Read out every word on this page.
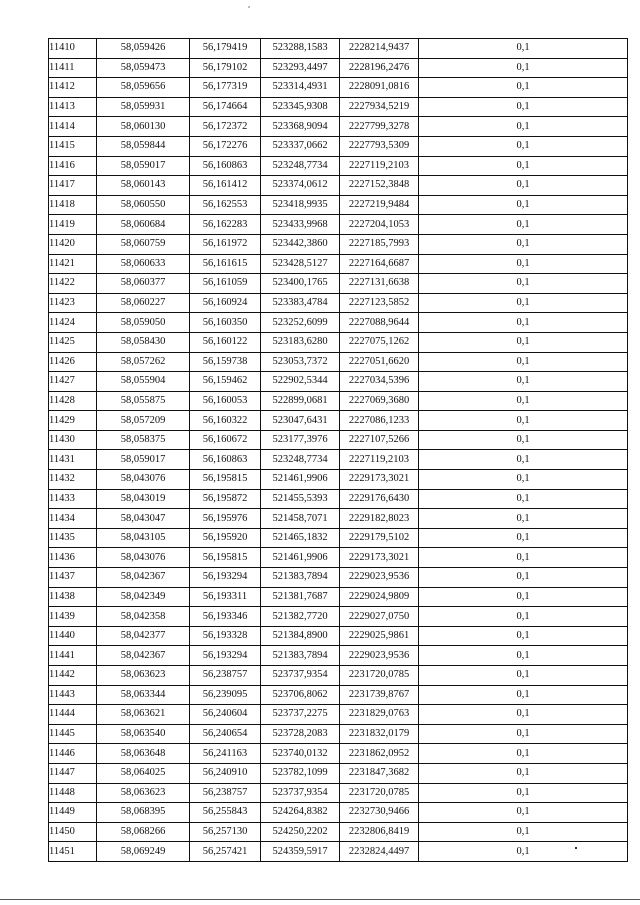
11410	58,059426	56,179419	523288,1583	2228214,9437	0,1
11411	58,059473	56,179102	523293,4497	2228196,2476	0,1
11412	58,059656	56,177319	523314,4931	2228091,0816	0,1
11413	58,059931	56,174664	523345,9308	2227934,5219	0,1
11414	58,060130	56,172372	523368,9094	2227799,3278	0,1
11415	58,059844	56,172276	523337,0662	2227793,5309	0,1
11416	58,059017	56,160863	523248,7734	2227119,2103	0,1
11417	58,060143	56,161412	523374,0612	2227152,3848	0,1
11418	58,060550	56,162553	523418,9935	2227219,9484	0,1
11419	58,060684	56,162283	523433,9968	2227204,1053	0,1
11420	58,060759	56,161972	523442,3860	2227185,7993	0,1
11421	58,060633	56,161615	523428,5127	2227164,6687	0,1
11422	58,060377	56,161059	523400,1765	2227131,6638	0,1
11423	58,060227	56,160924	523383,4784	2227123,5852	0,1
11424	58,059050	56,160350	523252,6099	2227088,9644	0,1
11425	58,058430	56,160122	523183,6280	2227075,1262	0,1
11426	58,057262	56,159738	523053,7372	2227051,6620	0,1
11427	58,055904	56,159462	522902,5344	2227034,5396	0,1
11428	58,055875	56,160053	522899,0681	2227069,3680	0,1
11429	58,057209	56,160322	523047,6431	2227086,1233	0,1
11430	58,058375	56,160672	523177,3976	2227107,5266	0,1
11431	58,059017	56,160863	523248,7734	2227119,2103	0,1
11432	58,043076	56,195815	521461,9906	2229173,3021	0,1
11433	58,043019	56,195872	521455,5393	2229176,6430	0,1
11434	58,043047	56,195976	521458,7071	2229182,8023	0,1
11435	58,043105	56,195920	521465,1832	2229179,5102	0,1
11436	58,043076	56,195815	521461,9906	2229173,3021	0,1
11437	58,042367	56,193294	521383,7894	2229023,9536	0,1
11438	58,042349	56,193311	521381,7687	2229024,9809	0,1
11439	58,042358	56,193346	521382,7720	2229027,0750	0,1
11440	58,042377	56,193328	521384,8900	2229025,9861	0,1
11441	58,042367	56,193294	521383,7894	2229023,9536	0,1
11442	58,063623	56,238757	523737,9354	2231720,0785	0,1
11443	58,063344	56,239095	523706,8062	2231739,8767	0,1
11444	58,063621	56,240604	523737,2275	2231829,0763	0,1
11445	58,063540	56,240654	523728,2083	2231832,0179	0,1
11446	58,063648	56,241163	523740,0132	2231862,0952	0,1
11447	58,064025	56,240910	523782,1099	2231847,3682	0,1
11448	58,063623	56,238757	523737,9354	2231720,0785	0,1
11449	58,068395	56,255843	524264,8382	2232730,9466	0,1
11450	58,068266	56,257130	524250,2202	2232806,8419	0,1
11451	58,069249	56,257421	524359,5917	2232824,4497	0,1
